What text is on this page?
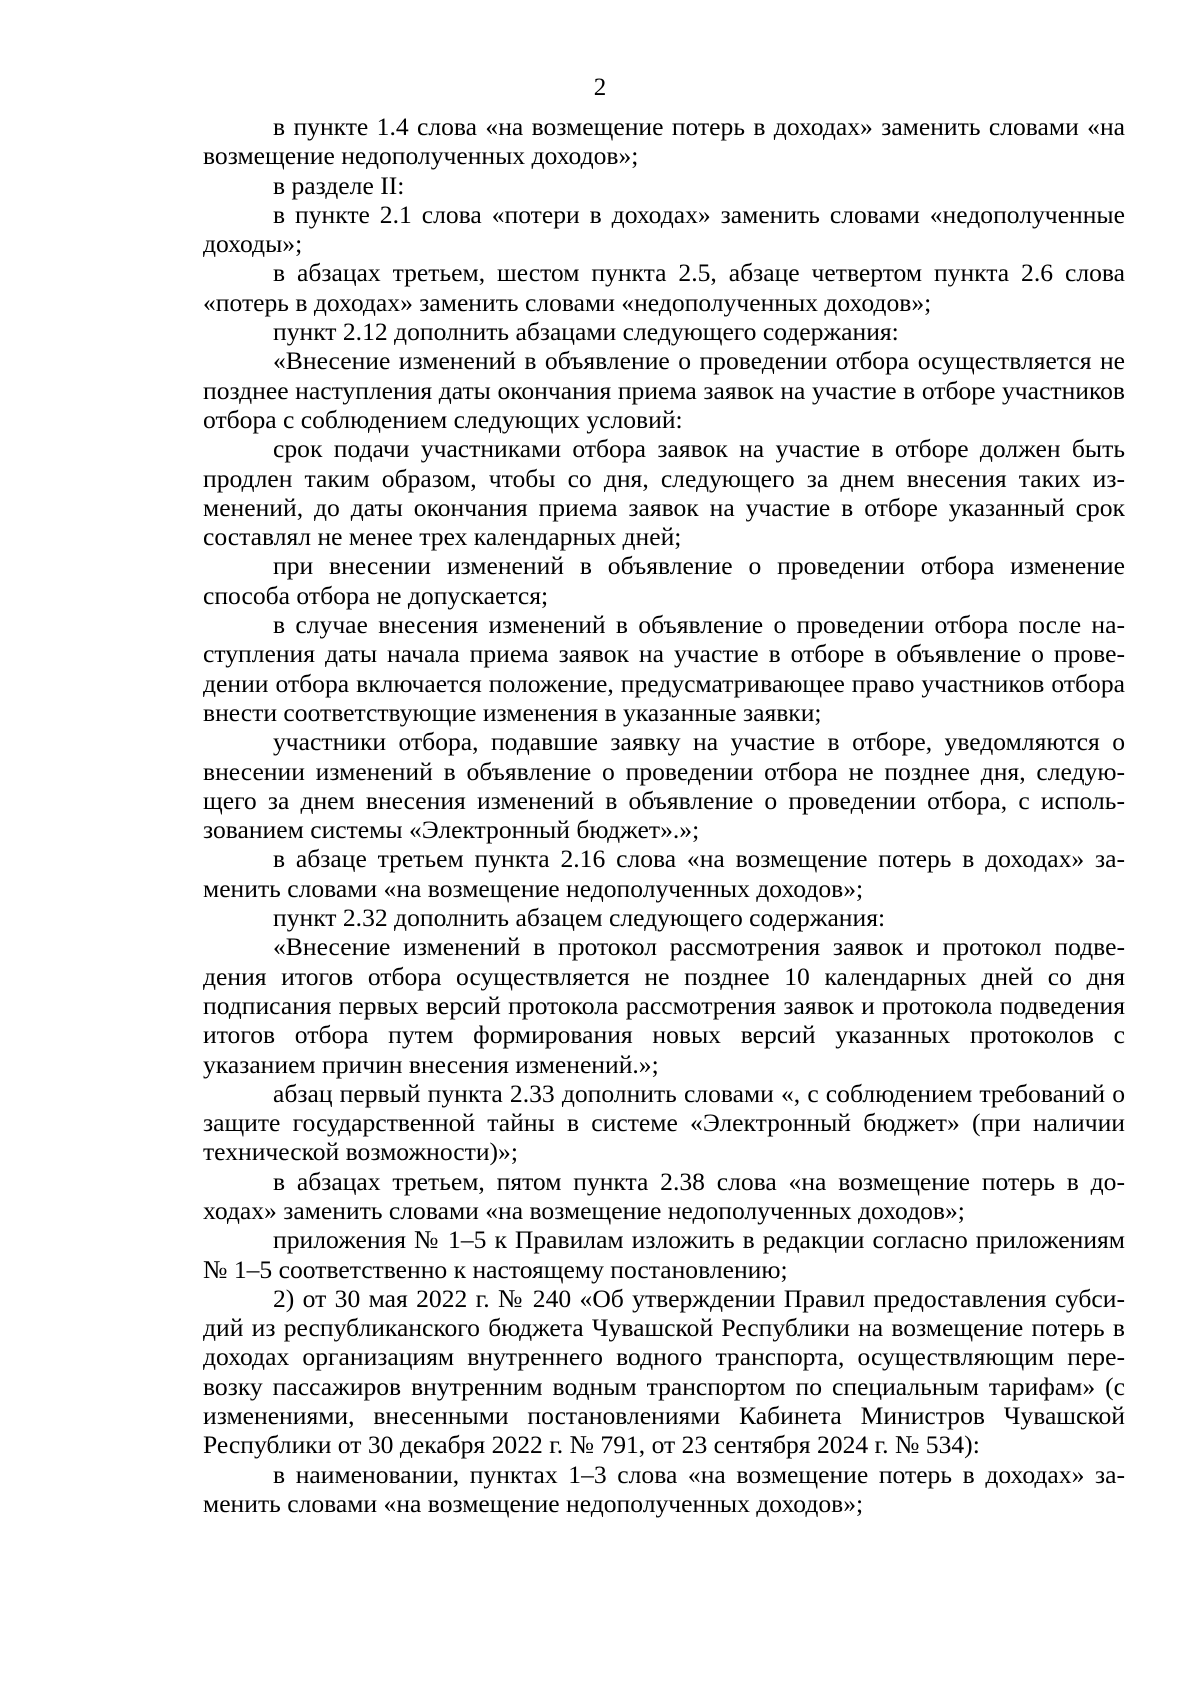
2

в пункте 1.4 слова «на возмещение потерь в доходах» заменить словами «на возмещение недополученных доходов»;

в разделе II:

в пункте 2.1 слова «потери в доходах» заменить словами «недополученные доходы»;

в абзацах третьем, шестом пункта 2.5, абзаце четвертом пункта 2.6 слова «потерь в доходах» заменить словами «недополученных доходов»;

пункт 2.12 дополнить абзацами следующего содержания:

«Внесение изменений в объявление о проведении отбора осуществляется не позднее наступления даты окончания приема заявок на участие в отборе участников отбора с соблюдением следующих условий:

срок подачи участниками отбора заявок на участие в отборе должен быть продлен таким образом, чтобы со дня, следующего за днем внесения таких изменений, до даты окончания приема заявок на участие в отборе указанный срок составлял не менее трех календарных дней;

при внесении изменений в объявление о проведении отбора изменение способа отбора не допускается;

в случае внесения изменений в объявление о проведении отбора после наступления даты начала приема заявок на участие в отборе в объявление о проведении отбора включается положение, предусматривающее право участников отбора внести соответствующие изменения в указанные заявки;

участники отбора, подавшие заявку на участие в отборе, уведомляются о внесении изменений в объявление о проведении отбора не позднее дня, следующего за днем внесения изменений в объявление о проведении отбора, с использованием системы «Электронный бюджет».»;

в абзаце третьем пункта 2.16 слова «на возмещение потерь в доходах» заменить словами «на возмещение недополученных доходов»;

пункт 2.32 дополнить абзацем следующего содержания:

«Внесение изменений в протокол рассмотрения заявок и протокол подведения итогов отбора осуществляется не позднее 10 календарных дней со дня подписания первых версий протокола рассмотрения заявок и протокола подведения итогов отбора путем формирования новых версий указанных протоколов с указанием причин внесения изменений.»;

абзац первый пункта 2.33 дополнить словами «, с соблюдением требований о защите государственной тайны в системе «Электронный бюджет» (при наличии технической возможности)»;

в абзацах третьем, пятом пункта 2.38 слова «на возмещение потерь в доходах» заменить словами «на возмещение недополученных доходов»;

приложения № 1–5 к Правилам изложить в редакции согласно приложениям № 1–5 соответственно к настоящему постановлению;

2) от 30 мая 2022 г. № 240 «Об утверждении Правил предоставления субсидий из республиканского бюджета Чувашской Республики на возмещение потерь в доходах организациям внутреннего водного транспорта, осуществляющим перевозку пассажиров внутренним водным транспортом по специальным тарифам» (с изменениями, внесенными постановлениями Кабинета Министров Чувашской Республики от 30 декабря 2022 г. № 791, от 23 сентября 2024 г. № 534):

в наименовании, пунктах 1–3 слова «на возмещение потерь в доходах» заменить словами «на возмещение недополученных доходов»;
